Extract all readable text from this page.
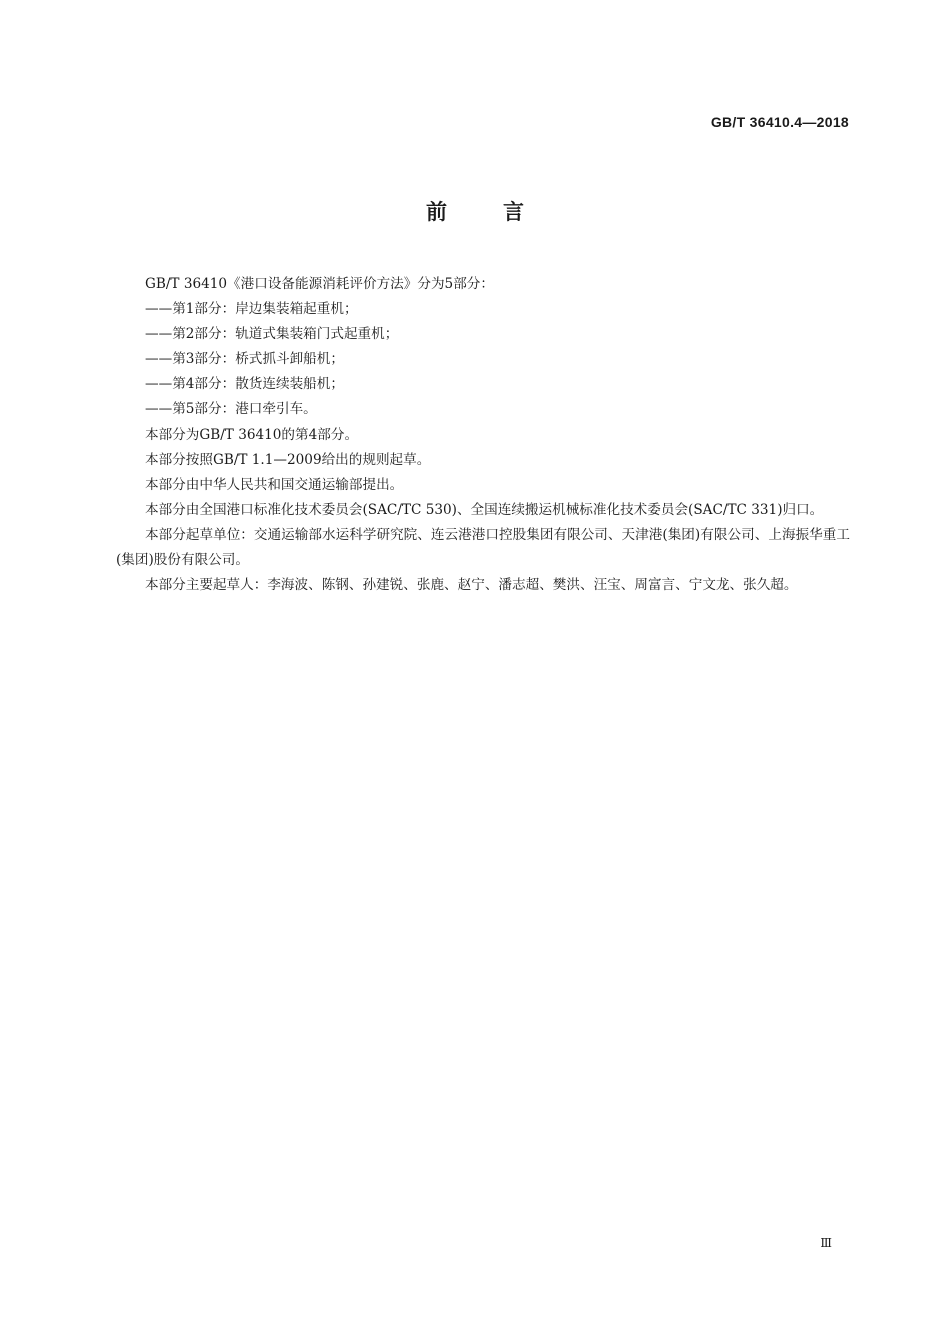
GB/T 36410.4—2018
前言

GB/T 36410《港口设备能源消耗评价方法》分为5部分：

——第1部分：岸边集装箱起重机；

——第2部分：轨道式集装箱门式起重机；

——第3部分：桥式抓斗卸船机；

——第4部分：散货连续装船机；

——第5部分：港口牵引车。

本部分为GB/T 36410的第4部分。

本部分按照GB/T 1.1—2009给出的规则起草。

本部分由中华人民共和国交通运输部提出。

本部分由全国港口标准化技术委员会(SAC/TC 530)、全国连续搬运机械标准化技术委员会(SAC/TC 331)归口。

本部分起草单位：交通运输部水运科学研究院、连云港港口控股集团有限公司、天津港(集团)有限公司、上海振华重工(集团)股份有限公司。

本部分主要起草人：李海波、陈钢、孙建锐、张鹿、赵宁、潘志超、樊洪、汪宝、周富言、宁文龙、张久超。

Ⅲ
